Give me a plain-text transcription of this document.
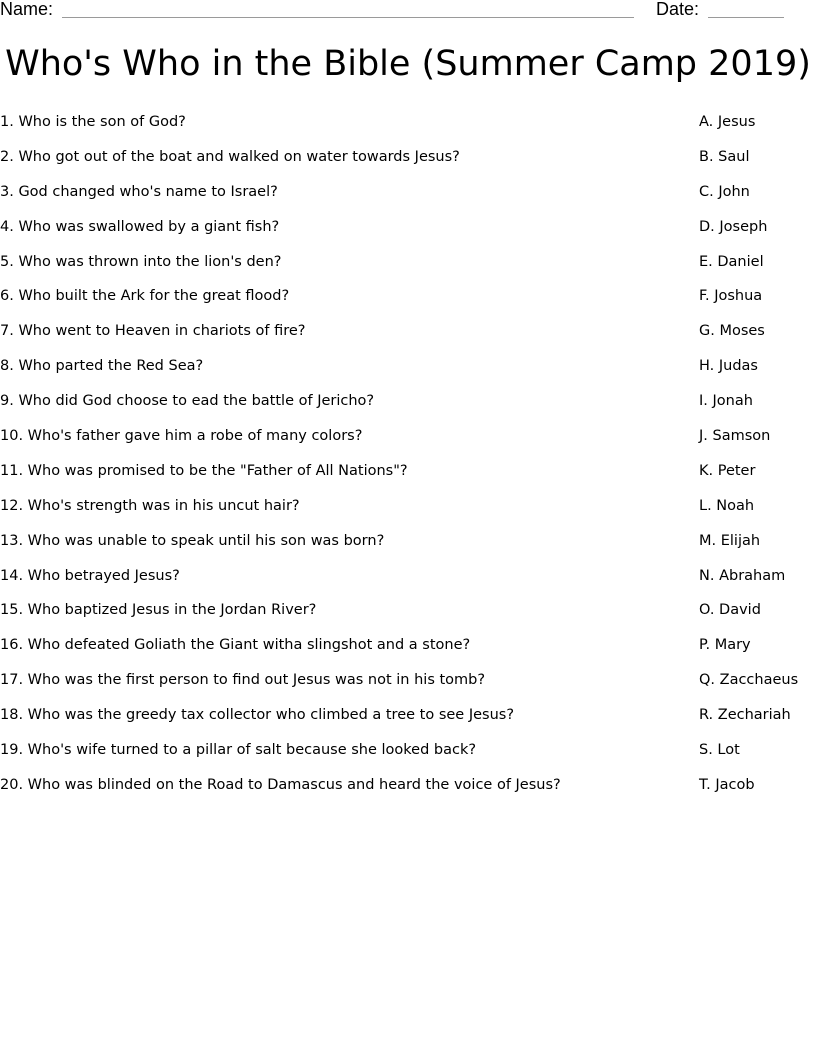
Name:	Date:
Who's Who in the Bible (Summer Camp 2019)
1. Who is the son of God?
2. Who got out of the boat and walked on water towards Jesus?
3. God changed who's name to Israel?
4. Who was swallowed by a giant fish?
5. Who was thrown into the lion's den?
6. Who built the Ark for the great flood?
7. Who went to Heaven in chariots of fire?
8. Who parted the Red Sea?
9. Who did God choose to ead the battle of Jericho?
10. Who's father gave him a robe of many colors?
11. Who was promised to be the "Father of All Nations"?
12. Who's strength was in his uncut hair?
13. Who was unable to speak until his son was born?
14. Who betrayed Jesus?
15. Who baptized Jesus in the Jordan River?
16. Who defeated Goliath the Giant witha slingshot and a stone?
17. Who was the first person to find out Jesus was not in his tomb?
18. Who was the greedy tax collector who climbed a tree to see Jesus?
19. Who's wife turned to a pillar of salt because she looked back?
20. Who was blinded on the Road to Damascus and heard the voice of Jesus?
A. Jesus
B. Saul
C. John
D. Joseph
E. Daniel
F. Joshua
G. Moses
H. Judas
I. Jonah
J. Samson
K. Peter
L. Noah
M. Elijah
N. Abraham
O. David
P. Mary
Q. Zacchaeus
R. Zechariah
S. Lot
T. Jacob
